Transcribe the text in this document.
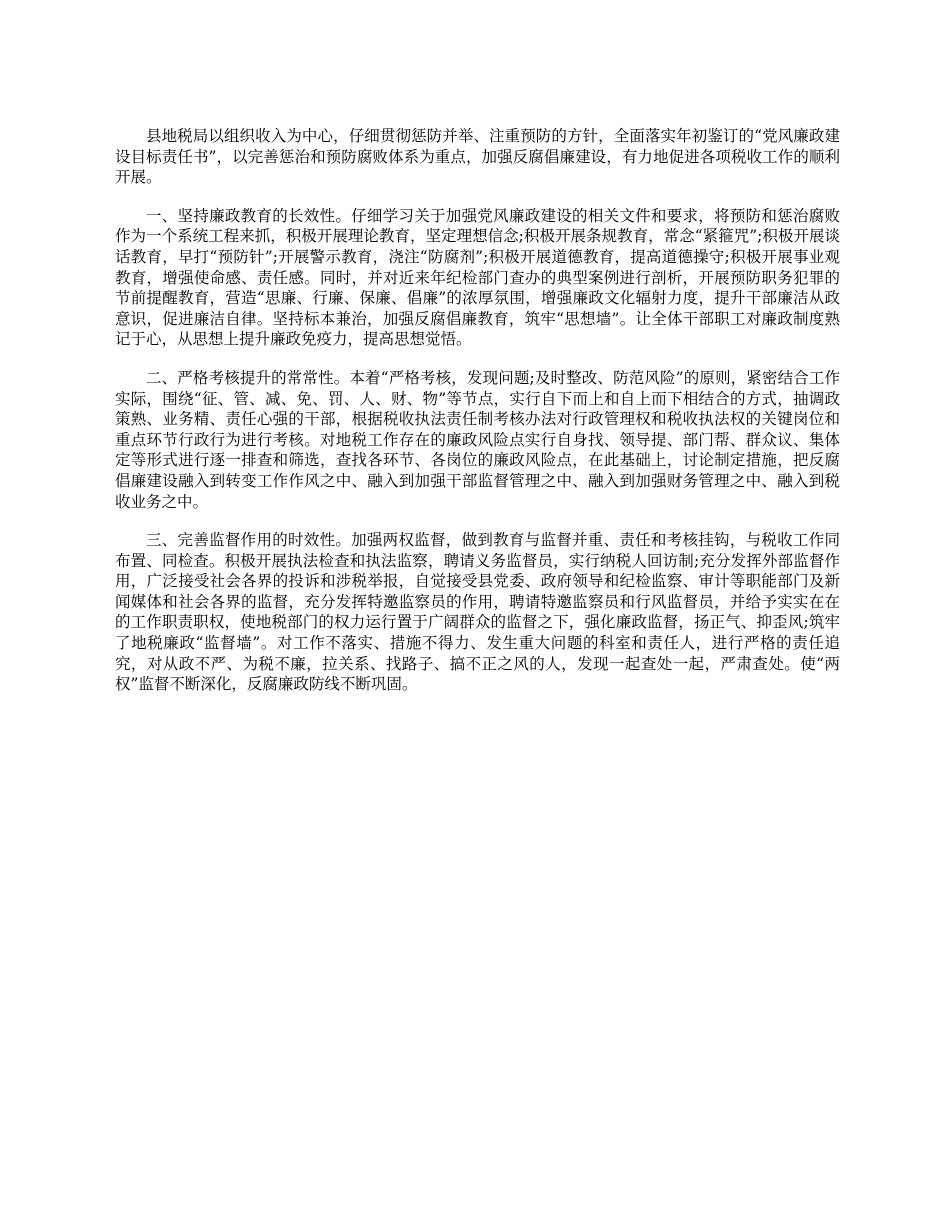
县地税局以组织收入为中心，仔细贯彻惩防并举、注重预防的方针，全面落实年初鉴订的“党风廉政建设目标责任书”，以完善惩治和预防腐败体系为重点，加强反腐倡廉建设，有力地促进各项税收工作的顺利开展。

一、坚持廉政教育的长效性。仔细学习关于加强党风廉政建设的相关文件和要求，将预防和惩治腐败作为一个系统工程来抓，积极开展理论教育，坚定理想信念;积极开展条规教育，常念“紧箍咒”;积极开展谈话教育，早打“预防针”;开展警示教育，浇注“防腐剂”;积极开展道德教育，提高道德操守;积极开展事业观教育，增强使命感、责任感。同时，并对近来年纪检部门查办的典型案例进行剖析，开展预防职务犯罪的节前提醒教育，营造“思廉、行廉、保廉、倡廉”的浓厚氛围，增强廉政文化辐射力度，提升干部廉洁从政意识，促进廉洁自律。坚持标本兼治，加强反腐倡廉教育，筑牢“思想墙”。让全体干部职工对廉政制度熟记于心，从思想上提升廉政免疫力，提高思想觉悟。

二、严格考核提升的常常性。本着“严格考核，发现问题;及时整改、防范风险”的原则，紧密结合工作实际，围绕“征、管、减、免、罚、人、财、物”等节点，实行自下而上和自上而下相结合的方式，抽调政策熟、业务精、责任心强的干部，根据税收执法责任制考核办法对行政管理权和税收执法权的关键岗位和重点环节行政行为进行考核。对地税工作存在的廉政风险点实行自身找、领导提、部门帮、群众议、集体定等形式进行逐一排查和筛选，查找各环节、各岗位的廉政风险点，在此基础上，讨论制定措施，把反腐倡廉建设融入到转变工作作风之中、融入到加强干部监督管理之中、融入到加强财务管理之中、融入到税收业务之中。

三、完善监督作用的时效性。加强两权监督，做到教育与监督并重、责任和考核挂钩，与税收工作同布置、同检查。积极开展执法检查和执法监察，聘请义务监督员，实行纳税人回访制;充分发挥外部监督作用，广泛接受社会各界的投诉和涉税举报，自觉接受县党委、政府领导和纪检监察、审计等职能部门及新闻媒体和社会各界的监督，充分发挥特邀监察员的作用，聘请特邀监察员和行风监督员，并给予实实在在的工作职责职权，使地税部门的权力运行置于广阔群众的监督之下，强化廉政监督，扬正气、抑歪风;筑牢了地税廉政“监督墙”。对工作不落实、措施不得力、发生重大问题的科室和责任人，进行严格的责任追究，对从政不严、为税不廉，拉关系、找路子、搞不正之风的人，发现一起查处一起，严肃查处。使“两权”监督不断深化，反腐廉政防线不断巩固。
